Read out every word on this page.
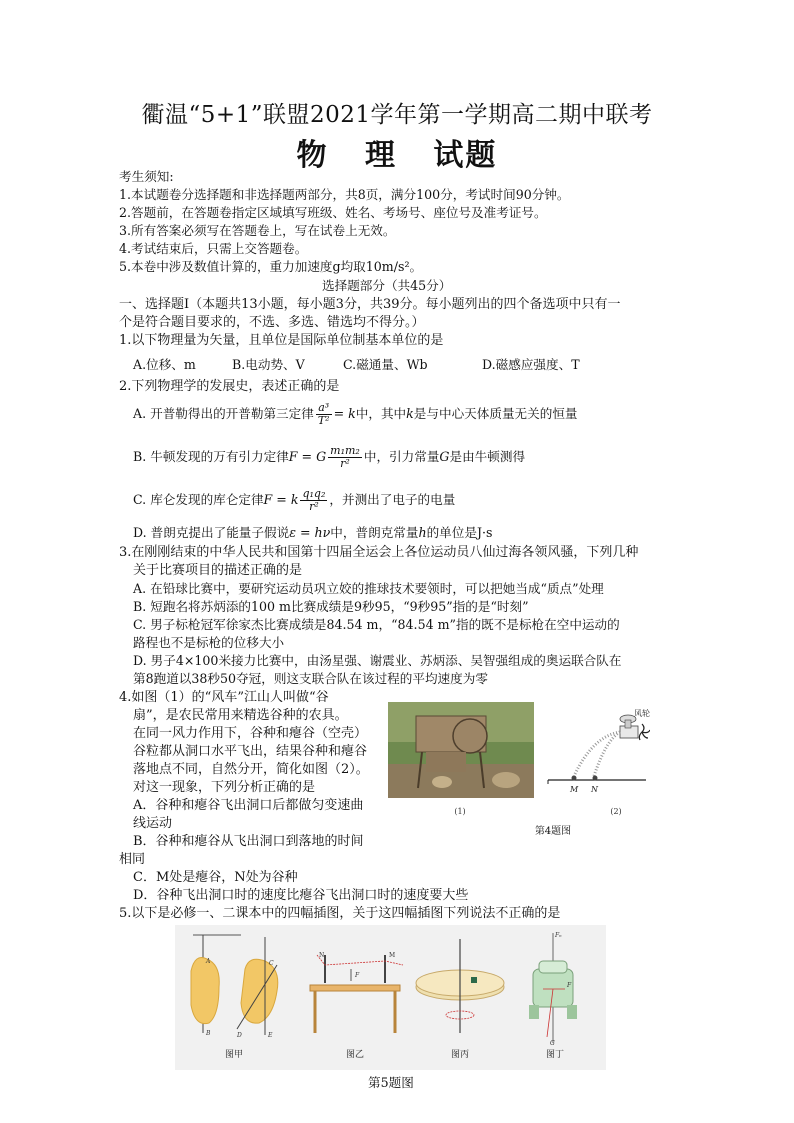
衢温“5+1”联盟2021学年第一学期高二期中联考
物 理 试题
考生须知:
1.本试题卷分选择题和非选择题两部分，共8页，满分100分，考试时间90分钟。
2.答题前，在答题卷指定区域填写班级、姓名、考场号、座位号及准考证号。
3.所有答案必须写在答题卷上，写在试卷上无效。
4.考试结束后，只需上交答题卷。
5.本卷中涉及数值计算的，重力加速度g均取10m/s²。
选择题部分（共45分）
一、选择题Ⅰ（本题共13小题，每小题3分，共39分。每小题列出的四个备选项中只有一
个是符合题目要求的，不选、多选、错选均不得分。）
1.以下物理量为矢量，且单位是国际单位制基本单位的是
A.位移、m	B.电动势、V	C.磁通量、Wb	D.磁感应强度、T
2.下列物理学的发展史，表述正确的是
A. 开普勒得出的开普勒第三定律 $\frac{\text{a³}}{\text{T²}} = k$中，其中k是与中心天体质量无关的恒量
B. 牛顿发现的万有引力定律F = G $\frac{\text{m₁m₂}}{\text{r²}}$ 中，引力常量G是由牛顿测得
C. 库仑发现的库仑定律F = k $\frac{\text{q₁q₂}}{\text{r²}}$ ，并测出了电子的电量
D. 普朗克提出了能量子假说ε = hν中，普朗克常量h的单位是J·s
3.在刚刚结束的中华人民共和国第十四届全运会上各位运动员八仙过海各领风骚，下列几种
关于比赛项目的描述正确的是
A. 在铅球比赛中，要研究运动员巩立姣的推球技术要领时，可以把她当成“质点”处理
B. 短跑名将苏炳添的100 m比赛成绩是9秒95，“9秒95”指的是“时刻”
C. 男子标枪冠军徐家杰比赛成绩是84.54 m，“84.54 m”指的既不是标枪在空中运动的
路程也不是标枪的位移大小
D. 男子4×100米接力比赛中，由汤星强、谢震业、苏炳添、吴智强组成的奥运联合队在
第8跑道以38秒50夺冠，则这支联合队在该过程的平均速度为零
4.如图（1）的“风车”江山人叫做“谷
扇”，是农民常用来精选谷种的农具。
在同一风力作用下，谷种和瘪谷（空壳）
谷粒都从洞口水平飞出，结果谷种和瘪谷
落地点不同，自然分开，简化如图（2）。
对这一现象，下列分析正确的是
A．谷种和瘪谷飞出洞口后都做匀变速曲
线运动
B．谷种和瘪谷从飞出洞口到落地的时间
相同
C．M处是瘪谷，N处为谷种
D．谷种飞出洞口时的速度比瘪谷飞出洞口时的速度要大些
(1)
风轮
M N
(2)
第4题图
5.以下是必修一、二课本中的四幅插图，关于这四幅插图下列说法不正确的是
A
B
C
D	E
图甲
N	M
F
图乙	图丙
Fₙ
F
G
图丁
第5题图
